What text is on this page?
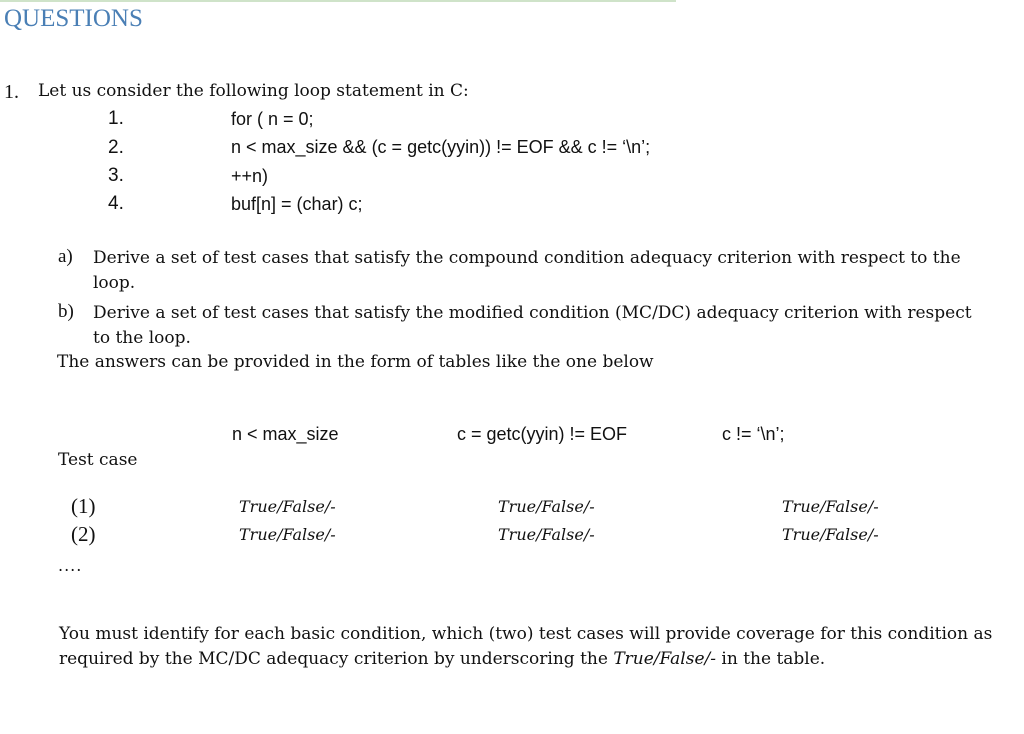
QUESTIONS
1. Let us consider the following loop statement in C:
1.	for ( n = 0;
2.	n < max_size && (c = getc(yyin)) != EOF && c != ‘\n’;
3.	++n)
4.	buf[n] = (char) c;
a) Derive a set of test cases that satisfy the compound condition adequacy criterion with respect to the loop.
b) Derive a set of test cases that satisfy the modified condition (MC/DC) adequacy criterion with respect to the loop.
The answers can be provided in the form of tables like the one below
n < max_size	c = getc(yyin) != EOF	c != ‘\n’;
Test case
(1)	True/False/-	True/False/-	True/False/-
(2)	True/False/-	True/False/-	True/False/-
....
You must identify for each basic condition, which (two) test cases will provide coverage for this condition as required by the MC/DC adequacy criterion by underscoring the True/False/- in the table.
